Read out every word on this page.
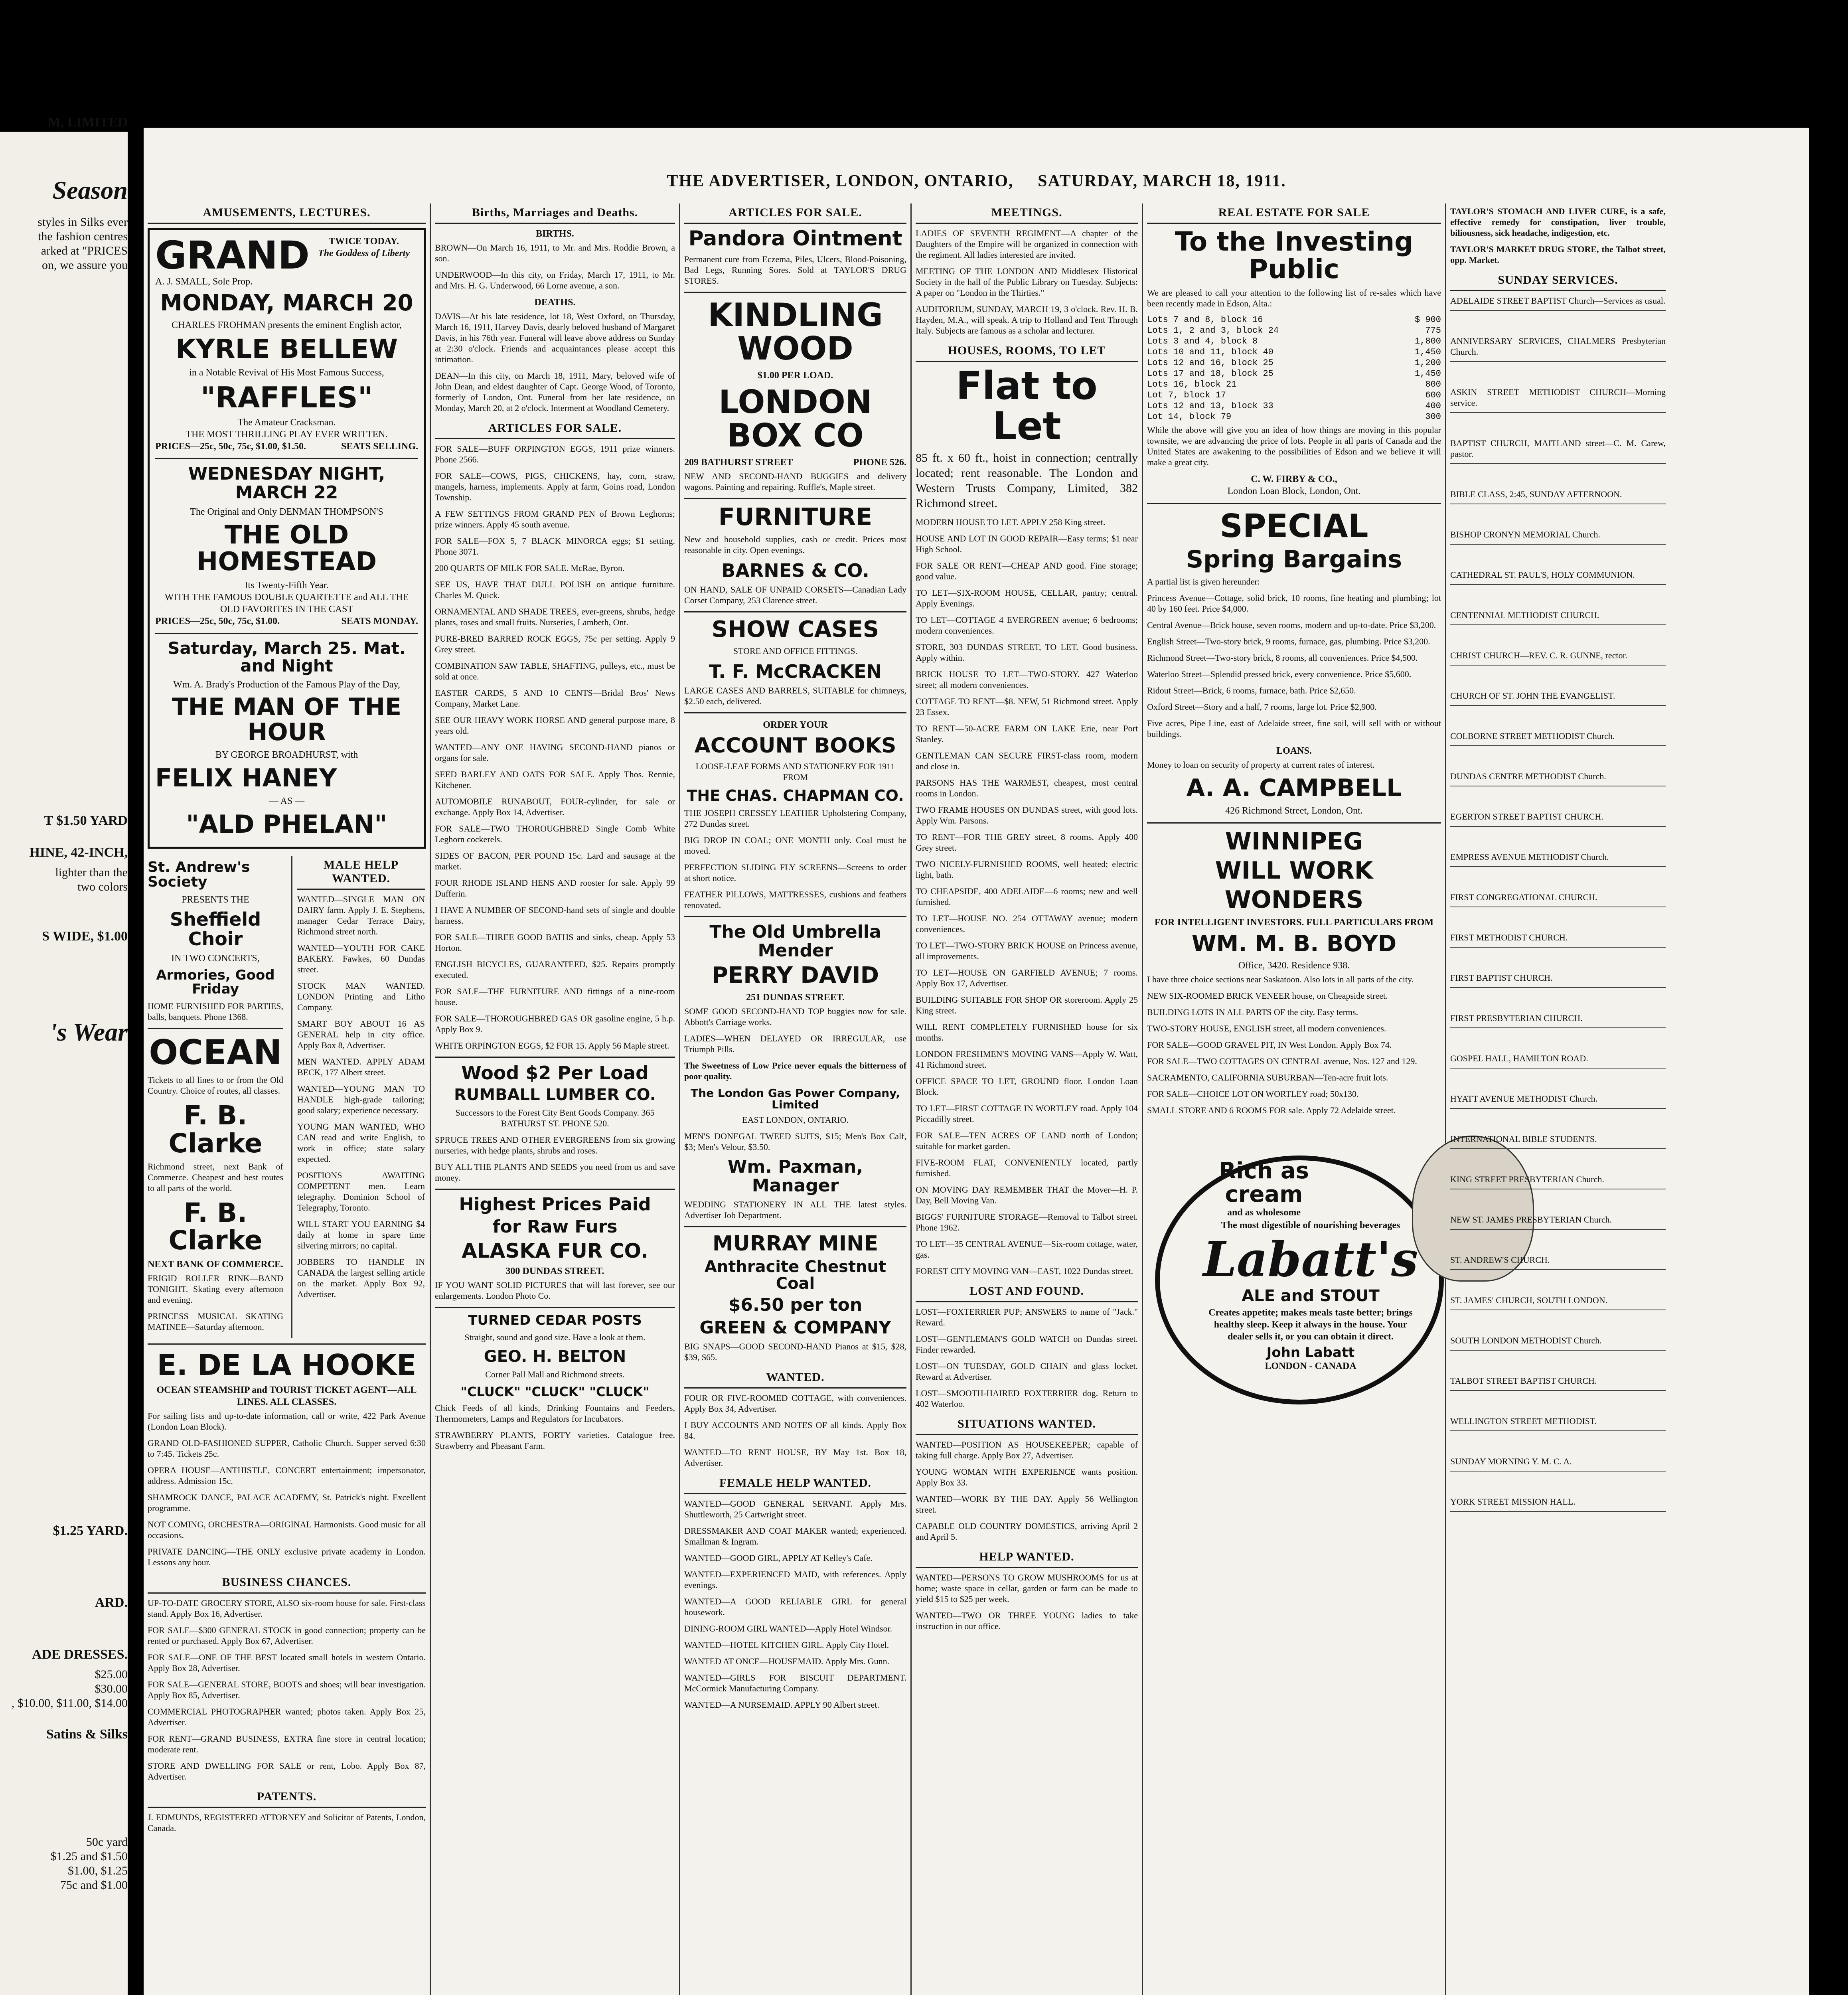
M, LIMITED
Season
styles in Silks ever
the fashion centres
arked at "PRICES
on, we assure you
T $1.50 YARD
HINE, 42-INCH,
lighter than the
two colors
S WIDE, $1.00
's Wear
$1.25 YARD.
ARD.
ADE DRESSES.
$25.00
$30.00
, $10.00, $11.00, $14.00
Satins & Silks
50c yard
$1.25 and $1.50
$1.00, $1.25
75c and $1.00
THE ADVERTISER, LONDON, ONTARIO, SATURDAY, MARCH 18, 1911.
AMUSEMENTS, LECTURES.
GRAND
A. J. SMALL, Sole Prop.
TWICE TODAY.
The Goddess of Liberty
MONDAY, MARCH 20
CHARLES FROHMAN presents the eminent English actor,
KYRLE BELLEW
in a Notable Revival of His Most Famous Success,
"RAFFLES"
The Amateur Cracksman.
THE MOST THRILLING PLAY EVER WRITTEN.
PRICES—25c, 50c, 75c, $1.00, $1.50.	SEATS SELLING.
WEDNESDAY NIGHT, MARCH 22
The Original and Only DENMAN THOMPSON'S
THE OLD HOMESTEAD
Its Twenty-Fifth Year.
WITH THE FAMOUS DOUBLE QUARTETTE and ALL THE OLD FAVORITES IN THE CAST
PRICES—25c, 50c, 75c, $1.00.	SEATS MONDAY.
Saturday, March 25. Mat. and Night
Wm. A. Brady's Production of the Famous Play of the Day,
THE MAN OF THE HOUR
BY GEORGE BROADHURST, with
FELIX HANEY
— AS —
"ALD PHELAN"
St. Andrew's Society
PRESENTS THE
Sheffield Choir
IN TWO CONCERTS,
Armories, Good Friday
HOME FURNISHED FOR PARTIES, balls, banquets. Phone 1368.
OCEAN
Tickets to all lines to or from the Old Country. Choice of routes, all classes.
F. B. Clarke
Richmond street, next Bank of Commerce. Cheapest and best routes to all parts of the world.
F. B. Clarke
NEXT BANK OF COMMERCE.
FRIGID ROLLER RINK—BAND TONIGHT. Skating every afternoon and evening.
PRINCESS MUSICAL SKATING MATINEE—Saturday afternoon.
MALE HELP WANTED.
WANTED—SINGLE MAN ON DAIRY farm. Apply J. E. Stephens, manager Cedar Terrace Dairy, Richmond street north.
WANTED—YOUTH FOR CAKE BAKERY. Fawkes, 60 Dundas street.
STOCK MAN WANTED. LONDON Printing and Litho Company.
SMART BOY ABOUT 16 AS GENERAL help in city office. Apply Box 8, Advertiser.
MEN WANTED. APPLY ADAM BECK, 177 Albert street.
WANTED—YOUNG MAN TO HANDLE high-grade tailoring; good salary; experience necessary.
YOUNG MAN WANTED, WHO CAN read and write English, to work in office; state salary expected.
POSITIONS AWAITING COMPETENT men. Learn telegraphy. Dominion School of Telegraphy, Toronto.
WILL START YOU EARNING $4 daily at home in spare time silvering mirrors; no capital.
JOBBERS TO HANDLE IN CANADA the largest selling article on the market. Apply Box 92, Advertiser.
E. DE LA HOOKE
OCEAN STEAMSHIP and TOURIST TICKET AGENT—ALL LINES. ALL CLASSES.
For sailing lists and up-to-date information, call or write, 422 Park Avenue (London Loan Block).
GRAND OLD-FASHIONED SUPPER, Catholic Church. Supper served 6:30 to 7:45. Tickets 25c.
OPERA HOUSE—ANTHISTLE, CONCERT entertainment; impersonator, address. Admission 15c.
SHAMROCK DANCE, PALACE ACADEMY, St. Patrick's night. Excellent programme.
NOT COMING, ORCHESTRA—ORIGINAL Harmonists. Good music for all occasions.
PRIVATE DANCING—THE ONLY exclusive private academy in London. Lessons any hour.
BUSINESS CHANCES.
UP-TO-DATE GROCERY STORE, ALSO six-room house for sale. First-class stand. Apply Box 16, Advertiser.
FOR SALE—$300 GENERAL STOCK in good connection; property can be rented or purchased. Apply Box 67, Advertiser.
FOR SALE—ONE OF THE BEST located small hotels in western Ontario. Apply Box 28, Advertiser.
FOR SALE—GENERAL STORE, BOOTS and shoes; will bear investigation. Apply Box 85, Advertiser.
COMMERCIAL PHOTOGRAPHER wanted; photos taken. Apply Box 25, Advertiser.
FOR RENT—GRAND BUSINESS, EXTRA fine store in central location; moderate rent.
STORE AND DWELLING FOR SALE or rent, Lobo. Apply Box 87, Advertiser.
PATENTS.
J. EDMUNDS, REGISTERED ATTORNEY and Solicitor of Patents, London, Canada.
Births, Marriages and Deaths.
BIRTHS.
BROWN—On March 16, 1911, to Mr. and Mrs. Roddie Brown, a son.
UNDERWOOD—In this city, on Friday, March 17, 1911, to Mr. and Mrs. H. G. Underwood, 66 Lorne avenue, a son.
DEATHS.
DAVIS—At his late residence, lot 18, West Oxford, on Thursday, March 16, 1911, Harvey Davis, dearly beloved husband of Margaret Davis, in his 76th year. Funeral will leave above address on Sunday at 2:30 o'clock. Friends and acquaintances please accept this intimation.
DEAN—In this city, on March 18, 1911, Mary, beloved wife of John Dean, and eldest daughter of Capt. George Wood, of Toronto, formerly of London, Ont. Funeral from her late residence, on Monday, March 20, at 2 o'clock. Interment at Woodland Cemetery.
ARTICLES FOR SALE.
FOR SALE—BUFF ORPINGTON EGGS, 1911 prize winners. Phone 2566.
FOR SALE—COWS, PIGS, CHICKENS, hay, corn, straw, mangels, harness, implements. Apply at farm, Goins road, London Township.
A FEW SETTINGS FROM GRAND PEN of Brown Leghorns; prize winners. Apply 45 south avenue.
FOR SALE—FOX 5, 7 BLACK MINORCA eggs; $1 setting. Phone 3071.
200 QUARTS OF MILK FOR SALE. McRae, Byron.
SEE US, HAVE THAT DULL POLISH on antique furniture. Charles M. Quick.
ORNAMENTAL AND SHADE TREES, ever-greens, shrubs, hedge plants, roses and small fruits. Nurseries, Lambeth, Ont.
PURE-BRED BARRED ROCK EGGS, 75c per setting. Apply 9 Grey street.
COMBINATION SAW TABLE, SHAFTING, pulleys, etc., must be sold at once.
EASTER CARDS, 5 AND 10 CENTS—Bridal Bros' News Company, Market Lane.
SEE OUR HEAVY WORK HORSE AND general purpose mare, 8 years old.
WANTED—ANY ONE HAVING SECOND-HAND pianos or organs for sale.
SEED BARLEY AND OATS FOR SALE. Apply Thos. Rennie, Kitchener.
AUTOMOBILE RUNABOUT, FOUR-cylinder, for sale or exchange. Apply Box 14, Advertiser.
FOR SALE—TWO THOROUGHBRED Single Comb White Leghorn cockerels.
SIDES OF BACON, PER POUND 15c. Lard and sausage at the market.
FOUR RHODE ISLAND HENS AND rooster for sale. Apply 99 Dufferin.
I HAVE A NUMBER OF SECOND-hand sets of single and double harness.
FOR SALE—THREE GOOD BATHS and sinks, cheap. Apply 53 Horton.
ENGLISH BICYCLES, GUARANTEED, $25. Repairs promptly executed.
FOR SALE—THE FURNITURE AND fittings of a nine-room house.
FOR SALE—THOROUGHBRED GAS OR gasoline engine, 5 h.p. Apply Box 9.
WHITE ORPINGTON EGGS, $2 FOR 15. Apply 56 Maple street.
Wood $2 Per Load
RUMBALL LUMBER CO.
Successors to the Forest City Bent Goods Company. 365 BATHURST ST. PHONE 520.
SPRUCE TREES AND OTHER EVERGREENS from six growing nurseries, with hedge plants, shrubs and roses.
BUY ALL THE PLANTS AND SEEDS you need from us and save money.
Highest Prices Paid
for Raw Furs
ALASKA FUR CO.
300 DUNDAS STREET.
IF YOU WANT SOLID PICTURES that will last forever, see our enlargements. London Photo Co.
TURNED CEDAR POSTS
Straight, sound and good size. Have a look at them.
GEO. H. BELTON
Corner Pall Mall and Richmond streets.
"CLUCK" "CLUCK" "CLUCK"
Chick Feeds of all kinds, Drinking Fountains and Feeders, Thermometers, Lamps and Regulators for Incubators.
STRAWBERRY PLANTS, FORTY varieties. Catalogue free. Strawberry and Pheasant Farm.
ARTICLES FOR SALE.
Pandora Ointment
Permanent cure from Eczema, Piles, Ulcers, Blood-Poisoning, Bad Legs, Running Sores. Sold at TAYLOR'S DRUG STORES.
KINDLING WOOD
$1.00 PER LOAD.
LONDON BOX CO
209 BATHURST STREET	PHONE 526.
NEW AND SECOND-HAND BUGGIES and delivery wagons. Painting and repairing. Ruffle's, Maple street.
FURNITURE
New and household supplies, cash or credit. Prices most reasonable in city. Open evenings.
BARNES & CO.
ON HAND, SALE OF UNPAID CORSETS—Canadian Lady Corset Company, 253 Clarence street.
SHOW CASES
STORE AND OFFICE FITTINGS.
T. F. McCRACKEN
LARGE CASES AND BARRELS, SUITABLE for chimneys, $2.50 each, delivered.
ORDER YOUR
ACCOUNT BOOKS
LOOSE-LEAF FORMS AND STATIONERY FOR 1911 FROM
THE CHAS. CHAPMAN CO.
THE JOSEPH CRESSEY LEATHER Upholstering Company, 272 Dundas street.
BIG DROP IN COAL; ONE MONTH only. Coal must be moved.
PERFECTION SLIDING FLY SCREENS—Screens to order at short notice.
FEATHER PILLOWS, MATTRESSES, cushions and feathers renovated.
The Old Umbrella Mender
PERRY DAVID
251 DUNDAS STREET.
SOME GOOD SECOND-HAND TOP buggies now for sale. Abbott's Carriage works.
LADIES—WHEN DELAYED OR IRREGULAR, use Triumph Pills.
The Sweetness of Low Price never equals the bitterness of poor quality.
The London Gas Power Company, Limited
EAST LONDON, ONTARIO.
MEN'S DONEGAL TWEED SUITS, $15; Men's Box Calf, $3; Men's Velour, $3.50.
Wm. Paxman, Manager
WEDDING STATIONERY IN ALL THE latest styles. Advertiser Job Department.
MURRAY MINE
Anthracite Chestnut Coal
$6.50 per ton
GREEN & COMPANY
BIG SNAPS—GOOD SECOND-HAND Pianos at $15, $28, $39, $65.
WANTED.
FOUR OR FIVE-ROOMED COTTAGE, with conveniences. Apply Box 34, Advertiser.
I BUY ACCOUNTS AND NOTES OF all kinds. Apply Box 84.
WANTED—TO RENT HOUSE, BY May 1st. Box 18, Advertiser.
FEMALE HELP WANTED.
WANTED—GOOD GENERAL SERVANT. Apply Mrs. Shuttleworth, 25 Cartwright street.
DRESSMAKER AND COAT MAKER wanted; experienced. Smallman & Ingram.
WANTED—GOOD GIRL, APPLY AT Kelley's Cafe.
WANTED—EXPERIENCED MAID, with references. Apply evenings.
WANTED—A GOOD RELIABLE GIRL for general housework.
DINING-ROOM GIRL WANTED—Apply Hotel Windsor.
WANTED—HOTEL KITCHEN GIRL. Apply City Hotel.
WANTED AT ONCE—HOUSEMAID. Apply Mrs. Gunn.
WANTED—GIRLS FOR BISCUIT DEPARTMENT. McCormick Manufacturing Company.
WANTED—A NURSEMAID. APPLY 90 Albert street.
MEETINGS.
LADIES OF SEVENTH REGIMENT—A chapter of the Daughters of the Empire will be organized in connection with the regiment. All ladies interested are invited.
MEETING OF THE LONDON AND Middlesex Historical Society in the hall of the Public Library on Tuesday. Subjects: A paper on "London in the Thirties."
AUDITORIUM, SUNDAY, MARCH 19, 3 o'clock. Rev. H. B. Hayden, M.A., will speak. A trip to Holland and Tent Through Italy. Subjects are famous as a scholar and lecturer.
HOUSES, ROOMS, TO LET
Flat to Let
85 ft. x 60 ft., hoist in connection; centrally located; rent reasonable. The London and Western Trusts Company, Limited, 382 Richmond street.
MODERN HOUSE TO LET. APPLY 258 King street.
HOUSE AND LOT IN GOOD REPAIR—Easy terms; $1 near High School.
FOR SALE OR RENT—CHEAP AND good. Fine storage; good value.
TO LET—SIX-ROOM HOUSE, CELLAR, pantry; central. Apply Evenings.
TO LET—COTTAGE 4 EVERGREEN avenue; 6 bedrooms; modern conveniences.
STORE, 303 DUNDAS STREET, TO LET. Good business. Apply within.
BRICK HOUSE TO LET—TWO-STORY. 427 Waterloo street; all modern conveniences.
COTTAGE TO RENT—$8. NEW, 51 Richmond street. Apply 23 Essex.
TO RENT—50-ACRE FARM ON LAKE Erie, near Port Stanley.
GENTLEMAN CAN SECURE FIRST-class room, modern and close in.
PARSONS HAS THE WARMEST, cheapest, most central rooms in London.
TWO FRAME HOUSES ON DUNDAS street, with good lots. Apply Wm. Parsons.
TO RENT—FOR THE GREY street, 8 rooms. Apply 400 Grey street.
TWO NICELY-FURNISHED ROOMS, well heated; electric light, bath.
TO CHEAPSIDE, 400 ADELAIDE—6 rooms; new and well furnished.
TO LET—HOUSE NO. 254 OTTAWAY avenue; modern conveniences.
TO LET—TWO-STORY BRICK HOUSE on Princess avenue, all improvements.
TO LET—HOUSE ON GARFIELD AVENUE; 7 rooms. Apply Box 17, Advertiser.
BUILDING SUITABLE FOR SHOP OR storeroom. Apply 25 King street.
WILL RENT COMPLETELY FURNISHED house for six months.
LONDON FRESHMEN'S MOVING VANS—Apply W. Watt, 41 Richmond street.
OFFICE SPACE TO LET, GROUND floor. London Loan Block.
TO LET—FIRST COTTAGE IN WORTLEY road. Apply 104 Piccadilly street.
FOR SALE—TEN ACRES OF LAND north of London; suitable for market garden.
FIVE-ROOM FLAT, CONVENIENTLY located, partly furnished.
ON MOVING DAY REMEMBER THAT the Mover—H. P. Day, Bell Moving Van.
BIGGS' FURNITURE STORAGE—Removal to Talbot street. Phone 1962.
TO LET—35 CENTRAL AVENUE—Six-room cottage, water, gas.
FOREST CITY MOVING VAN—EAST, 1022 Dundas street.
LOST AND FOUND.
LOST—FOXTERRIER PUP; ANSWERS to name of "Jack." Reward.
LOST—GENTLEMAN'S GOLD WATCH on Dundas street. Finder rewarded.
LOST—ON TUESDAY, GOLD CHAIN and glass locket. Reward at Advertiser.
LOST—SMOOTH-HAIRED FOXTERRIER dog. Return to 402 Waterloo.
SITUATIONS WANTED.
WANTED—POSITION AS HOUSEKEEPER; capable of taking full charge. Apply Box 27, Advertiser.
YOUNG WOMAN WITH EXPERIENCE wants position. Apply Box 33.
WANTED—WORK BY THE DAY. Apply 56 Wellington street.
CAPABLE OLD COUNTRY DOMESTICS, arriving April 2 and April 5.
HELP WANTED.
WANTED—PERSONS TO GROW MUSHROOMS for us at home; waste space in cellar, garden or farm can be made to yield $15 to $25 per week.
WANTED—TWO OR THREE YOUNG ladies to take instruction in our office.
REAL ESTATE FOR SALE
To the Investing Public
We are pleased to call your attention to the following list of re-sales which have been recently made in Edson, Alta.:
Lots 7 and 8, block 16	$ 900
Lots 1, 2 and 3, block 24	775
Lots 3 and 4, block 8	1,800
Lots 10 and 11, block 40	1,450
Lots 12 and 16, block 25	1,200
Lots 17 and 18, block 25	1,450
Lots 16, block 21	800
Lot 7, block 17	600
Lots 12 and 13, block 33	400
Lot 14, block 79	300
While the above will give you an idea of how things are moving in this popular townsite, we are advancing the price of lots. People in all parts of Canada and the United States are awakening to the possibilities of Edson and we believe it will make a great city.
C. W. FIRBY & CO.,
London Loan Block, London, Ont.
SPECIAL
Spring Bargains
A partial list is given hereunder:
Princess Avenue—Cottage, solid brick, 10 rooms, fine heating and plumbing; lot 40 by 160 feet. Price $4,000.
Central Avenue—Brick house, seven rooms, modern and up-to-date. Price $3,200.
English Street—Two-story brick, 9 rooms, furnace, gas, plumbing. Price $3,200.
Richmond Street—Two-story brick, 8 rooms, all conveniences. Price $4,500.
Waterloo Street—Splendid pressed brick, every convenience. Price $5,600.
Ridout Street—Brick, 6 rooms, furnace, bath. Price $2,650.
Oxford Street—Story and a half, 7 rooms, large lot. Price $2,900.
Five acres, Pipe Line, east of Adelaide street, fine soil, will sell with or without buildings.
LOANS.
Money to loan on security of property at current rates of interest.
A. A. CAMPBELL
426 Richmond Street, London, Ont.
WINNIPEG
WILL WORK
WONDERS
FOR INTELLIGENT INVESTORS. FULL PARTICULARS FROM
WM. M. B. BOYD
Office, 3420. Residence 938.
I have three choice sections near Saskatoon. Also lots in all parts of the city.
NEW SIX-ROOMED BRICK VENEER house, on Cheapside street.
BUILDING LOTS IN ALL PARTS OF the city. Easy terms.
TWO-STORY HOUSE, ENGLISH street, all modern conveniences.
FOR SALE—GOOD GRAVEL PIT, IN West London. Apply Box 74.
FOR SALE—TWO COTTAGES ON CENTRAL avenue, Nos. 127 and 129.
SACRAMENTO, CALIFORNIA SUBURBAN—Ten-acre fruit lots.
FOR SALE—CHOICE LOT ON WORTLEY road; 50x130.
SMALL STORE AND 6 ROOMS FOR sale. Apply 72 Adelaide street.
Rich as
cream
and as wholesome
The most digestible of nourishing beverages
Labatt's
ALE and STOUT
Creates appetite; makes meals taste better; brings healthy sleep. Keep it always in the house. Your dealer sells it, or you can obtain it direct.
John Labatt
LONDON - CANADA
TAYLOR'S STOMACH AND LIVER CURE, is a safe, effective remedy for constipation, liver trouble, biliousness, sick headache, indigestion, etc.
TAYLOR'S MARKET DRUG STORE, the Talbot street, opp. Market.
SUNDAY SERVICES.
ADELAIDE STREET BAPTIST Church—Services as usual.
ANNIVERSARY SERVICES, CHALMERS Presbyterian Church.
ASKIN STREET METHODIST CHURCH—Morning service.
BAPTIST CHURCH, MAITLAND street—C. M. Carew, pastor.
BIBLE CLASS, 2:45, SUNDAY AFTERNOON.
BISHOP CRONYN MEMORIAL Church.
CATHEDRAL ST. PAUL'S, HOLY COMMUNION.
CENTENNIAL METHODIST CHURCH.
CHRIST CHURCH—REV. C. R. GUNNE, rector.
CHURCH OF ST. JOHN THE EVANGELIST.
COLBORNE STREET METHODIST Church.
DUNDAS CENTRE METHODIST Church.
EGERTON STREET BAPTIST CHURCH.
EMPRESS AVENUE METHODIST Church.
FIRST CONGREGATIONAL CHURCH.
FIRST METHODIST CHURCH.
FIRST BAPTIST CHURCH.
FIRST PRESBYTERIAN CHURCH.
GOSPEL HALL, HAMILTON ROAD.
HYATT AVENUE METHODIST Church.
INTERNATIONAL BIBLE STUDENTS.
KING STREET PRESBYTERIAN Church.
NEW ST. JAMES PRESBYTERIAN Church.
ST. ANDREW'S CHURCH.
ST. JAMES' CHURCH, SOUTH LONDON.
SOUTH LONDON METHODIST Church.
TALBOT STREET BAPTIST CHURCH.
WELLINGTON STREET METHODIST.
SUNDAY MORNING Y. M. C. A.
YORK STREET MISSION HALL.
